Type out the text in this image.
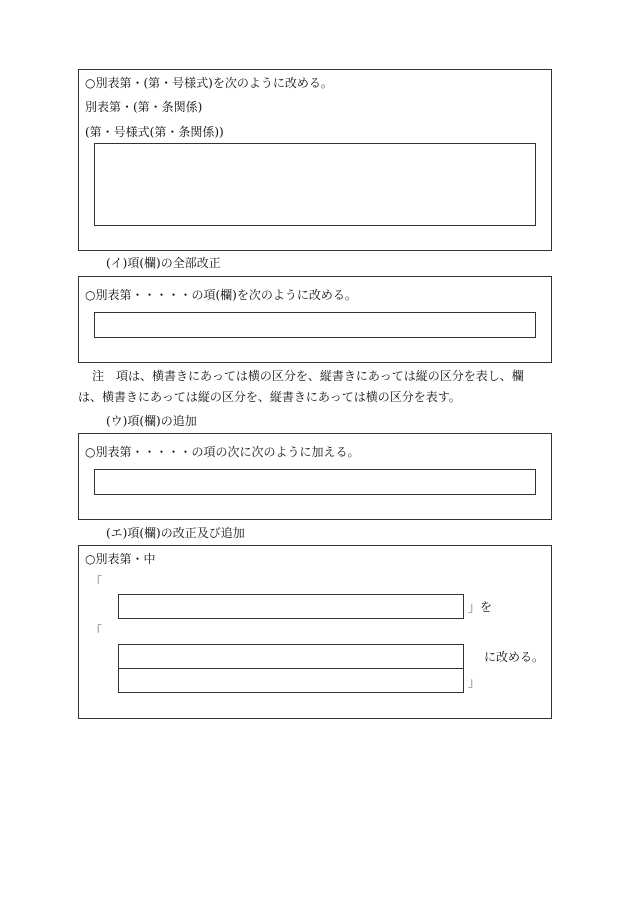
○別表第・(第・号様式)を次のように改める。
別表第・(第・条関係)
(第・号様式(第・条関係))
(イ)項(欄)の全部改正
○別表第・・・・・の項(欄)を次のように改める。
注　項は、横書きにあっては横の区分を、縦書きにあっては縦の区分を表し、欄
は、横書きにあっては縦の区分を、縦書きにあっては横の区分を表す。
(ウ)項(欄)の追加
○別表第・・・・・の項の次に次のように加える。
(エ)項(欄)の改正及び追加
○別表第・中
「
」を
「
に改める。
」
